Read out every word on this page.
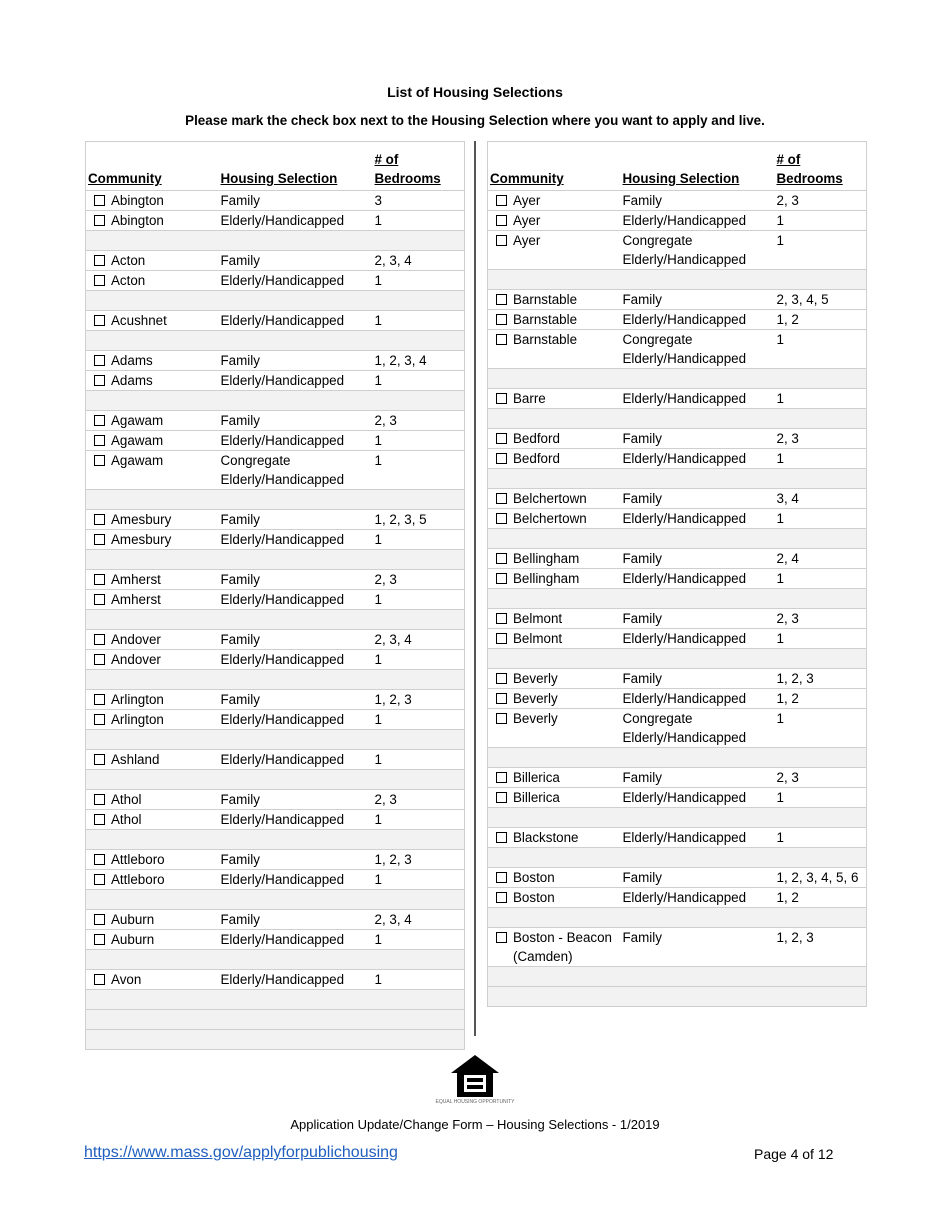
List of Housing Selections
Please mark the check box next to the Housing Selection where you want to apply and live.
Community	Housing Selection	# of
Bedrooms

Abington	Family	3

Abington	Elderly/Handicapped	1

Acton	Family	2, 3, 4

Acton	Elderly/Handicapped	1

Acushnet	Elderly/Handicapped	1

Adams	Family	1, 2, 3, 4

Adams	Elderly/Handicapped	1

Agawam	Family	2, 3

Agawam	Elderly/Handicapped	1

Agawam	Congregate Elderly/Handicapped	1

Amesbury	Family	1, 2, 3, 5

Amesbury	Elderly/Handicapped	1

Amherst	Family	2, 3

Amherst	Elderly/Handicapped	1

Andover	Family	2, 3, 4

Andover	Elderly/Handicapped	1

Arlington	Family	1, 2, 3

Arlington	Elderly/Handicapped	1

Ashland	Elderly/Handicapped	1

Athol	Family	2, 3

Athol	Elderly/Handicapped	1

Attleboro	Family	1, 2, 3

Attleboro	Elderly/Handicapped	1

Auburn	Family	2, 3, 4

Auburn	Elderly/Handicapped	1

Avon	Elderly/Handicapped	1

Community	Housing Selection	# of
Bedrooms

Ayer	Family	2, 3

Ayer	Elderly/Handicapped	1

Ayer	Congregate Elderly/Handicapped	1

Barnstable	Family	2, 3, 4, 5

Barnstable	Elderly/Handicapped	1, 2

Barnstable	Congregate Elderly/Handicapped	1

Barre	Elderly/Handicapped	1

Bedford	Family	2, 3

Bedford	Elderly/Handicapped	1

Belchertown	Family	3, 4

Belchertown	Elderly/Handicapped	1

Bellingham	Family	2, 4

Bellingham	Elderly/Handicapped	1

Belmont	Family	2, 3

Belmont	Elderly/Handicapped	1

Beverly	Family	1, 2, 3

Beverly	Elderly/Handicapped	1, 2

Beverly	Congregate Elderly/Handicapped	1

Billerica	Family	2, 3

Billerica	Elderly/Handicapped	1

Blackstone	Elderly/Handicapped	1

Boston	Family	1, 2, 3, 4, 5, 6

Boston	Elderly/Handicapped	1, 2

Boston - Beacon (Camden)	Family	1, 2, 3

EQUAL HOUSING OPPORTUNITY
Application Update/Change Form – Housing Selections - 1/2019
https://www.mass.gov/applyforpublichousing	Page 4 of 12
